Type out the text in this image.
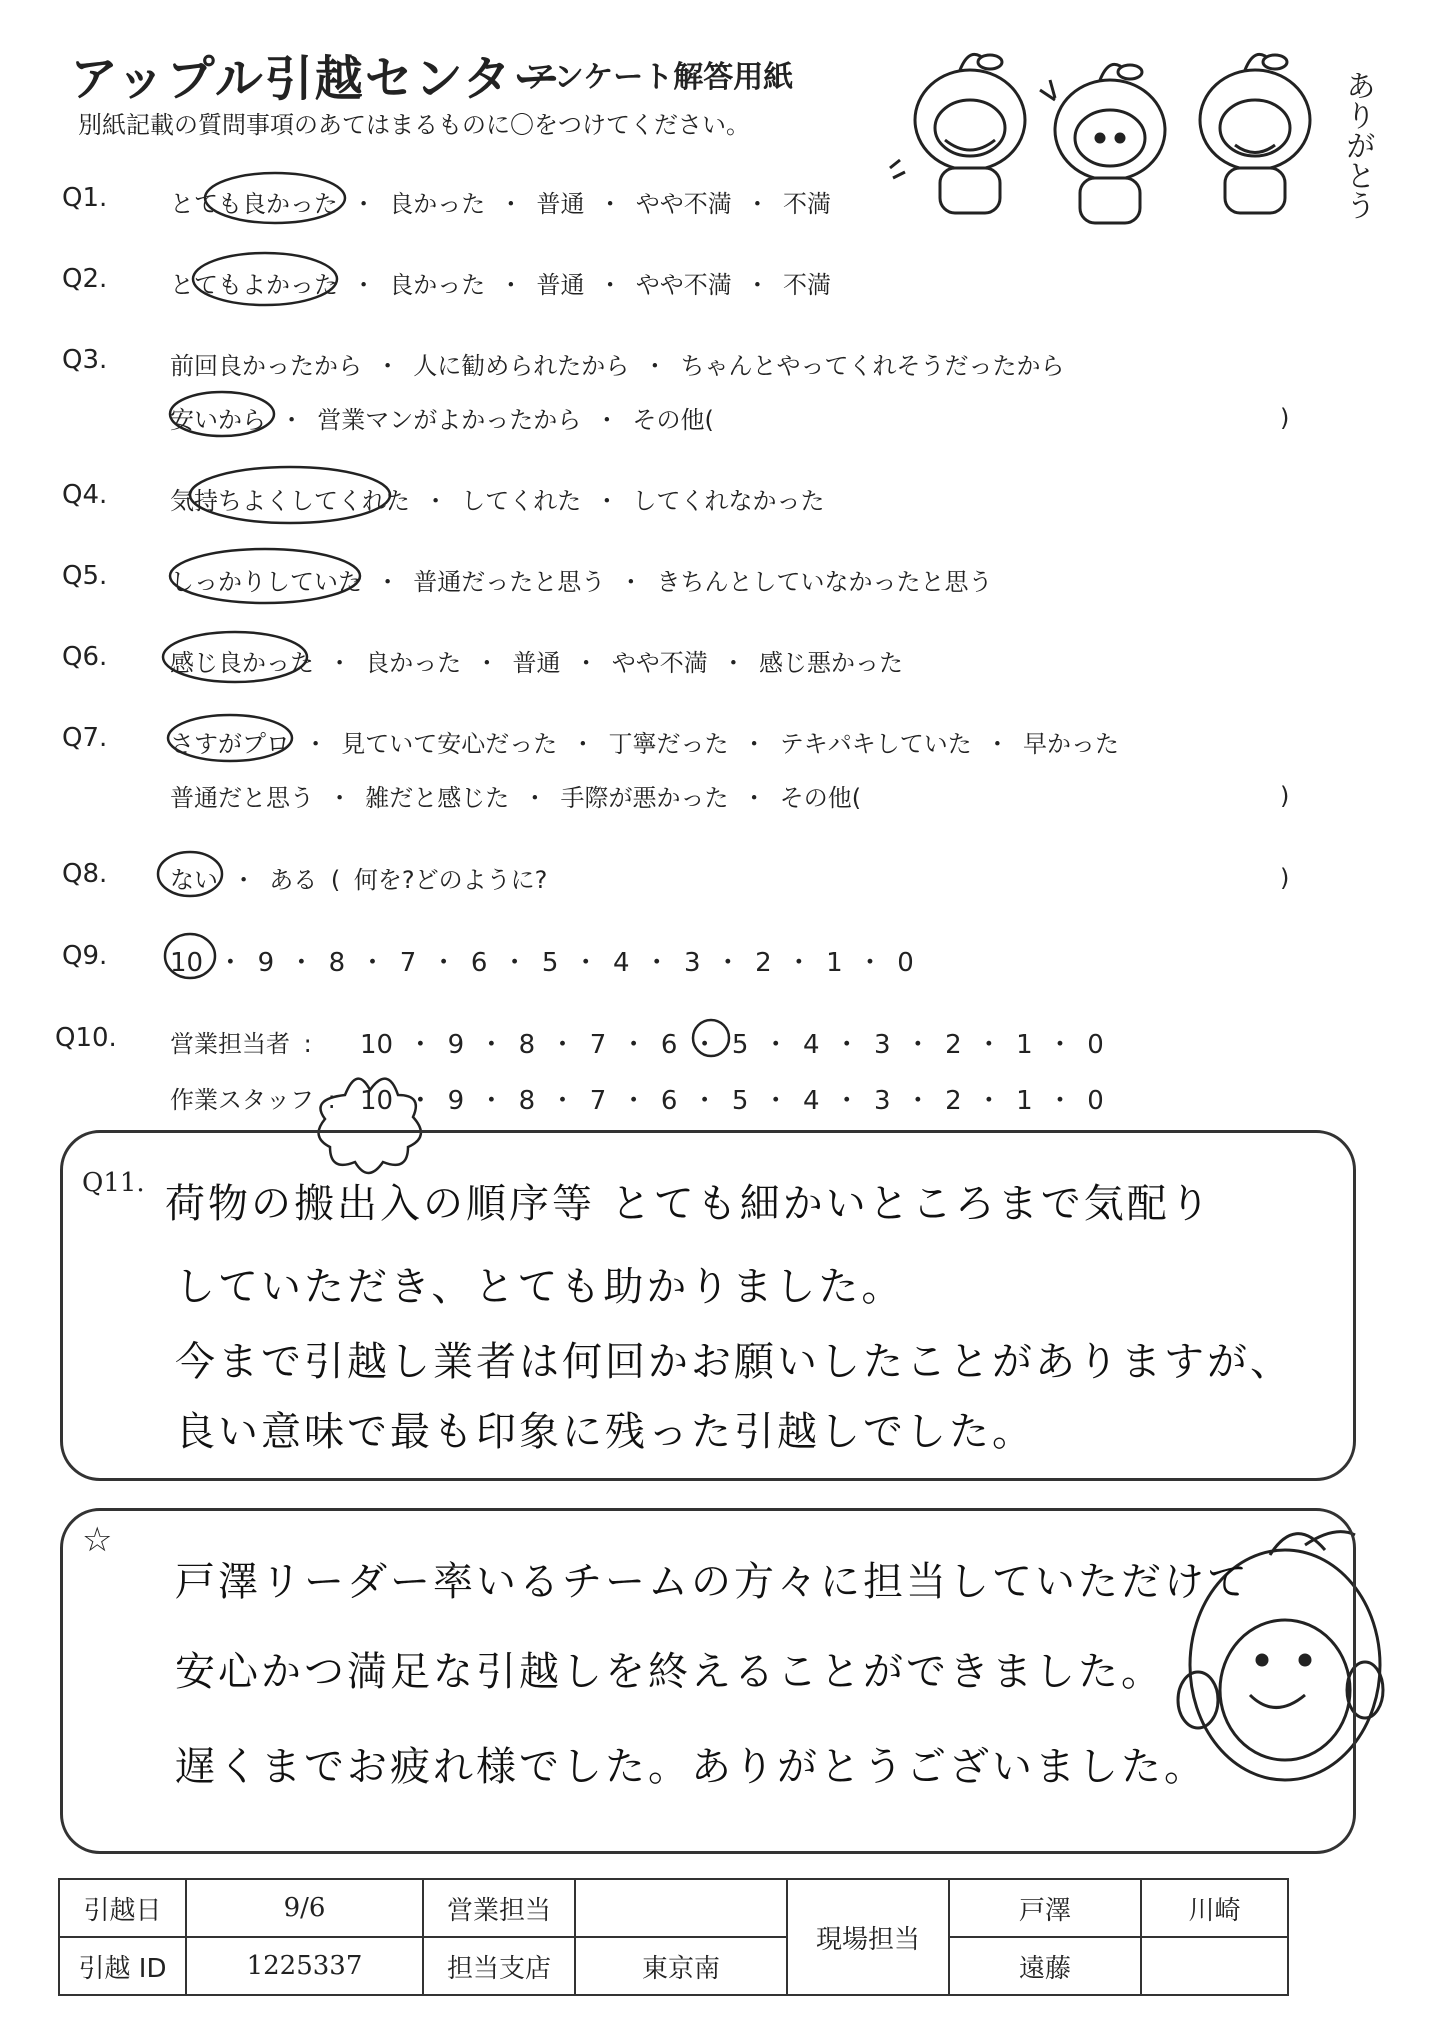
アップル引越センター
アンケート解答用紙
別紙記載の質問事項のあてはまるものに〇をつけてください。	ありがとう
Q1.	とても良かった ・ 良かった ・ 普通 ・ やや不満 ・ 不満
Q2.	とてもよかった ・ 良かった ・ 普通 ・ やや不満 ・ 不満
Q3.	前回良かったから ・ 人に勧められたから ・ ちゃんとやってくれそうだったから
安いから ・ 営業マンがよかったから ・ その他(	)
Q4.	気持ちよくしてくれた ・ してくれた ・ してくれなかった
Q5.	しっかりしていた ・ 普通だったと思う ・ きちんとしていなかったと思う
Q6.	感じ良かった ・ 良かった ・ 普通 ・ やや不満 ・ 感じ悪かった
Q7.	さすがプロ ・ 見ていて安心だった ・ 丁寧だった ・ テキパキしていた ・ 早かった
普通だと思う ・ 雑だと感じた ・ 手際が悪かった ・ その他(	)
Q8.	ない ・ ある ( 何を?どのように?	)
Q9. 10 ・ 9 ・ 8 ・ 7 ・ 6 ・ 5 ・ 4 ・ 3 ・ 2 ・ 1 ・ 0
Q10. 営業担当者 : 10 ・ 9 ・ 8 ・ 7 ・ 6 ・ 5 ・ 4 ・ 3 ・ 2 ・ 1 ・ 0
作業スタッフ : 10 ・ 9 ・ 8 ・ 7 ・ 6 ・ 5 ・ 4 ・ 3 ・ 2 ・ 1 ・ 0
Q11. 荷物の搬出入の順序等 とても細かいところまで気配り
していただき、とても助かりました。
今まで引越し業者は何回かお願いしたことがありますが、
良い意味で最も印象に残った引越しでした。
☆
戸澤リーダー率いるチームの方々に担当していただけて
安心かつ満足な引越しを終えることができました。
遅くまでお疲れ様でした。ありがとうございました。
引越日	9/6	営業担当		現場担当	戸澤	川崎
引越 ID	1225337	担当支店	東京南		遠藤	
